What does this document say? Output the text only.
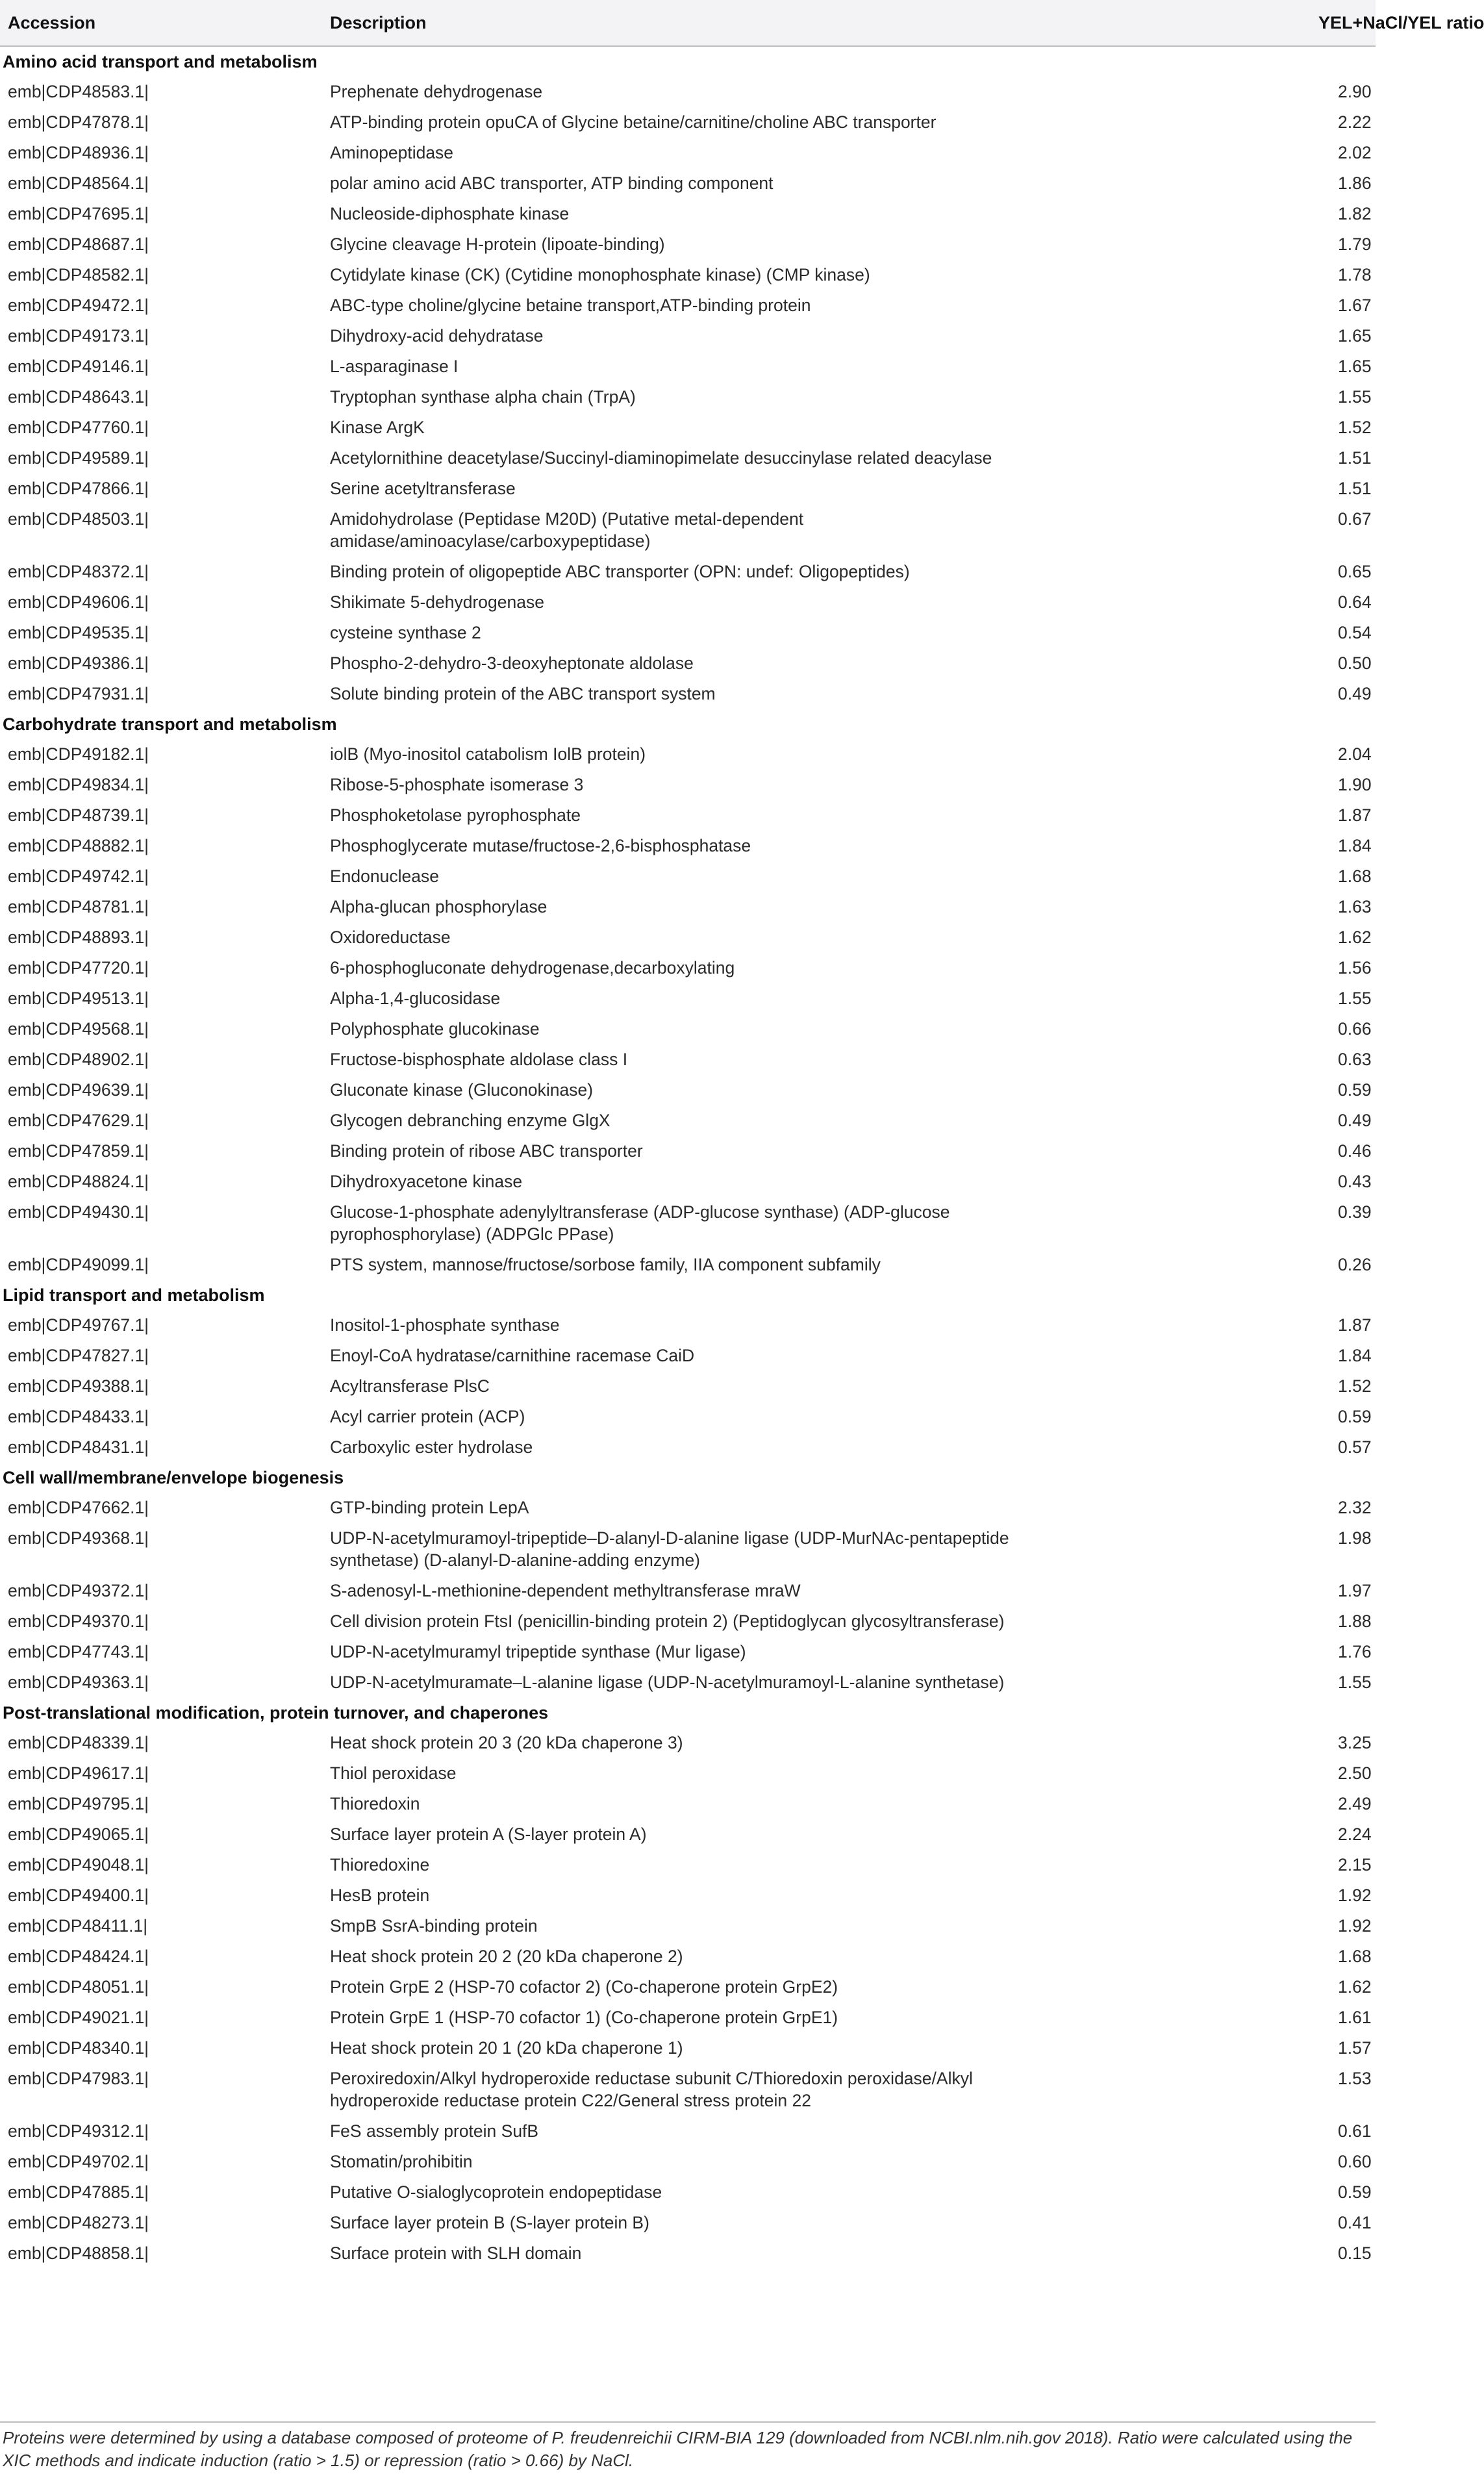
Accession	Description	YEL+NaCl/YEL ratio
Amino acid transport and metabolism		
emb|CDP48583.1|	Prephenate dehydrogenase	2.90
emb|CDP47878.1|	ATP-binding protein opuCA of Glycine betaine/carnitine/choline ABC transporter	2.22
emb|CDP48936.1|	Aminopeptidase	2.02
emb|CDP48564.1|	polar amino acid ABC transporter, ATP binding component	1.86
emb|CDP47695.1|	Nucleoside-diphosphate kinase	1.82
emb|CDP48687.1|	Glycine cleavage H-protein (lipoate-binding)	1.79
emb|CDP48582.1|	Cytidylate kinase (CK) (Cytidine monophosphate kinase) (CMP kinase)	1.78
emb|CDP49472.1|	ABC-type choline/glycine betaine transport,ATP-binding protein	1.67
emb|CDP49173.1|	Dihydroxy-acid dehydratase	1.65
emb|CDP49146.1|	L-asparaginase I	1.65
emb|CDP48643.1|	Tryptophan synthase alpha chain (TrpA)	1.55
emb|CDP47760.1|	Kinase ArgK	1.52
emb|CDP49589.1|	Acetylornithine deacetylase/Succinyl-diaminopimelate desuccinylase related deacylase	1.51
emb|CDP47866.1|	Serine acetyltransferase	1.51
emb|CDP48503.1|	Amidohydrolase (Peptidase M20D) (Putative metal-dependent amidase/aminoacylase/carboxypeptidase)	0.67
emb|CDP48372.1|	Binding protein of oligopeptide ABC transporter (OPN: undef: Oligopeptides)	0.65
emb|CDP49606.1|	Shikimate 5-dehydrogenase	0.64
emb|CDP49535.1|	cysteine synthase 2	0.54
emb|CDP49386.1|	Phospho-2-dehydro-3-deoxyheptonate aldolase	0.50
emb|CDP47931.1|	Solute binding protein of the ABC transport system	0.49
Carbohydrate transport and metabolism		
emb|CDP49182.1|	iolB (Myo-inositol catabolism IolB protein)	2.04
emb|CDP49834.1|	Ribose-5-phosphate isomerase 3	1.90
emb|CDP48739.1|	Phosphoketolase pyrophosphate	1.87
emb|CDP48882.1|	Phosphoglycerate mutase/fructose-2,6-bisphosphatase	1.84
emb|CDP49742.1|	Endonuclease	1.68
emb|CDP48781.1|	Alpha-glucan phosphorylase	1.63
emb|CDP48893.1|	Oxidoreductase	1.62
emb|CDP47720.1|	6-phosphogluconate dehydrogenase,decarboxylating	1.56
emb|CDP49513.1|	Alpha-1,4-glucosidase	1.55
emb|CDP49568.1|	Polyphosphate glucokinase	0.66
emb|CDP48902.1|	Fructose-bisphosphate aldolase class I	0.63
emb|CDP49639.1|	Gluconate kinase (Gluconokinase)	0.59
emb|CDP47629.1|	Glycogen debranching enzyme GlgX	0.49
emb|CDP47859.1|	Binding protein of ribose ABC transporter	0.46
emb|CDP48824.1|	Dihydroxyacetone kinase	0.43
emb|CDP49430.1|	Glucose-1-phosphate adenylyltransferase (ADP-glucose synthase) (ADP-glucose pyrophosphorylase) (ADPGlc PPase)	0.39
emb|CDP49099.1|	PTS system, mannose/fructose/sorbose family, IIA component subfamily	0.26
Lipid transport and metabolism		
emb|CDP49767.1|	Inositol-1-phosphate synthase	1.87
emb|CDP47827.1|	Enoyl-CoA hydratase/carnithine racemase CaiD	1.84
emb|CDP49388.1|	Acyltransferase PlsC	1.52
emb|CDP48433.1|	Acyl carrier protein (ACP)	0.59
emb|CDP48431.1|	Carboxylic ester hydrolase	0.57
Cell wall/membrane/envelope biogenesis		
emb|CDP47662.1|	GTP-binding protein LepA	2.32
emb|CDP49368.1|	UDP-N-acetylmuramoyl-tripeptide–D-alanyl-D-alanine ligase (UDP-MurNAc-pentapeptide synthetase) (D-alanyl-D-alanine-adding enzyme)	1.98
emb|CDP49372.1|	S-adenosyl-L-methionine-dependent methyltransferase mraW	1.97
emb|CDP49370.1|	Cell division protein FtsI (penicillin-binding protein 2) (Peptidoglycan glycosyltransferase)	1.88
emb|CDP47743.1|	UDP-N-acetylmuramyl tripeptide synthase (Mur ligase)	1.76
emb|CDP49363.1|	UDP-N-acetylmuramate–L-alanine ligase (UDP-N-acetylmuramoyl-L-alanine synthetase)	1.55
Post-translational modification, protein turnover, and chaperones		
emb|CDP48339.1|	Heat shock protein 20 3 (20 kDa chaperone 3)	3.25
emb|CDP49617.1|	Thiol peroxidase	2.50
emb|CDP49795.1|	Thioredoxin	2.49
emb|CDP49065.1|	Surface layer protein A (S-layer protein A)	2.24
emb|CDP49048.1|	Thioredoxine	2.15
emb|CDP49400.1|	HesB protein	1.92
emb|CDP48411.1|	SmpB SsrA-binding protein	1.92
emb|CDP48424.1|	Heat shock protein 20 2 (20 kDa chaperone 2)	1.68
emb|CDP48051.1|	Protein GrpE 2 (HSP-70 cofactor 2) (Co-chaperone protein GrpE2)	1.62
emb|CDP49021.1|	Protein GrpE 1 (HSP-70 cofactor 1) (Co-chaperone protein GrpE1)	1.61
emb|CDP48340.1|	Heat shock protein 20 1 (20 kDa chaperone 1)	1.57
emb|CDP47983.1|	Peroxiredoxin/Alkyl hydroperoxide reductase subunit C/Thioredoxin peroxidase/Alkyl hydroperoxide reductase protein C22/General stress protein 22	1.53
emb|CDP49312.1|	FeS assembly protein SufB	0.61
emb|CDP49702.1|	Stomatin/prohibitin	0.60
emb|CDP47885.1|	Putative O-sialoglycoprotein endopeptidase	0.59
emb|CDP48273.1|	Surface layer protein B (S-layer protein B)	0.41
emb|CDP48858.1|	Surface protein with SLH domain	0.15
Proteins were determined by using a database composed of proteome of P. freudenreichii CIRM-BIA 129 (downloaded from NCBI.nlm.nih.gov 2018). Ratio were calculated using the XIC methods and indicate induction (ratio > 1.5) or repression (ratio > 0.66) by NaCl.
